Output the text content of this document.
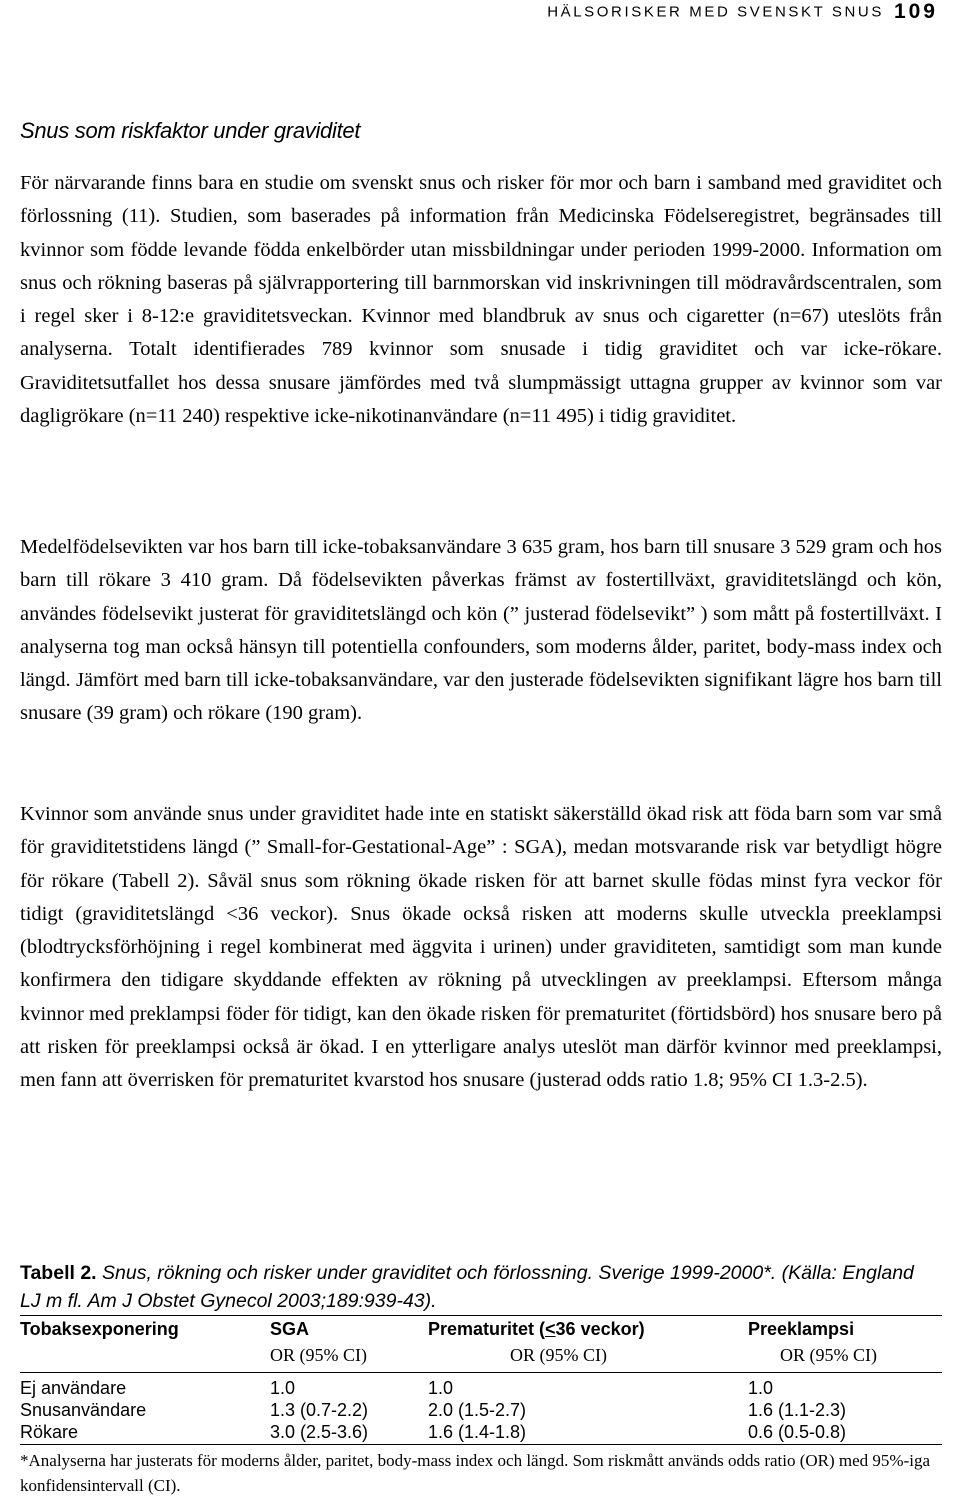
HÄLSORISKER MED SVENSKT SNUS 109
Snus som riskfaktor under graviditet

För närvarande finns bara en studie om svenskt snus och risker för mor och barn i samband med graviditet och förlossning (11). Studien, som baserades på information från Medicinska Födelseregistret, begränsades till kvinnor som födde levande födda enkelbörder utan missbildningar under perioden 1999-2000. Information om snus och rökning baseras på självrapportering till barnmorskan vid inskrivningen till mödravårdscentralen, som i regel sker i 8-12:e graviditetsveckan. Kvinnor med blandbruk av snus och cigaretter (n=67) uteslöts från analyserna. Totalt identifierades 789 kvinnor som snusade i tidig graviditet och var icke-rökare. Graviditetsutfallet hos dessa snusare jämfördes med två slumpmässigt uttagna grupper av kvinnor som var dagligrökare (n=11 240) respektive icke-nikotinanvändare (n=11 495) i tidig graviditet.

Medelfödelsevikten var hos barn till icke-tobaksanvändare 3 635 gram, hos barn till snusare 3 529 gram och hos barn till rökare 3 410 gram. Då födelsevikten påverkas främst av fostertillväxt, graviditetslängd och kön, användes födelsevikt justerat för graviditetslängd och kön (” justerad födelsevikt” ) som mått på fostertillväxt. I analyserna tog man också hänsyn till potentiella confounders, som moderns ålder, paritet, body-mass index och längd. Jämfört med barn till icke-tobaksanvändare, var den justerade födelsevikten signifikant lägre hos barn till snusare (39 gram) och rökare (190 gram).

Kvinnor som använde snus under graviditet hade inte en statiskt säkerställd ökad risk att föda barn som var små för graviditetstidens längd (” Small-for-Gestational-Age” : SGA), medan motsvarande risk var betydligt högre för rökare (Tabell 2). Såväl snus som rökning ökade risken för att barnet skulle födas minst fyra veckor för tidigt (graviditetslängd <36 veckor). Snus ökade också risken att moderns skulle utveckla preeklampsi (blodtrycksförhöjning i regel kombinerat med äggvita i urinen) under graviditeten, samtidigt som man kunde konfirmera den tidigare skyddande effekten av rökning på utvecklingen av preeklampsi. Eftersom många kvinnor med preklampsi föder för tidigt, kan den ökade risken för prematuritet (förtidsbörd) hos snusare bero på att risken för preeklampsi också är ökad. I en ytterligare analys uteslöt man därför kvinnor med preeklampsi, men fann att överrisken för prematuritet kvarstod hos snusare (justerad odds ratio 1.8; 95% CI 1.3-2.5).

Tabell 2. Snus, rökning och risker under graviditet och förlossning. Sverige 1999-2000*. (Källa: England LJ m fl. Am J Obstet Gynecol 2003;189:939-43).

Tobaksexponering	SGA	Prematuritet (<36 veckor)	Preeklampsi
	OR (95% CI)	OR (95% CI)	OR (95% CI)
Ej användare	1.0	1.0	1.0
Snusanvändare	1.3 (0.7-2.2)	2.0 (1.5-2.7)	1.6 (1.1-2.3)
Rökare	3.0 (2.5-3.6)	1.6 (1.4-1.8)	0.6 (0.5-0.8)
*Analyserna har justerats för moderns ålder, paritet, body-mass index och längd. Som riskmått används odds ratio (OR) med 95%-iga konfidensintervall (CI).			
